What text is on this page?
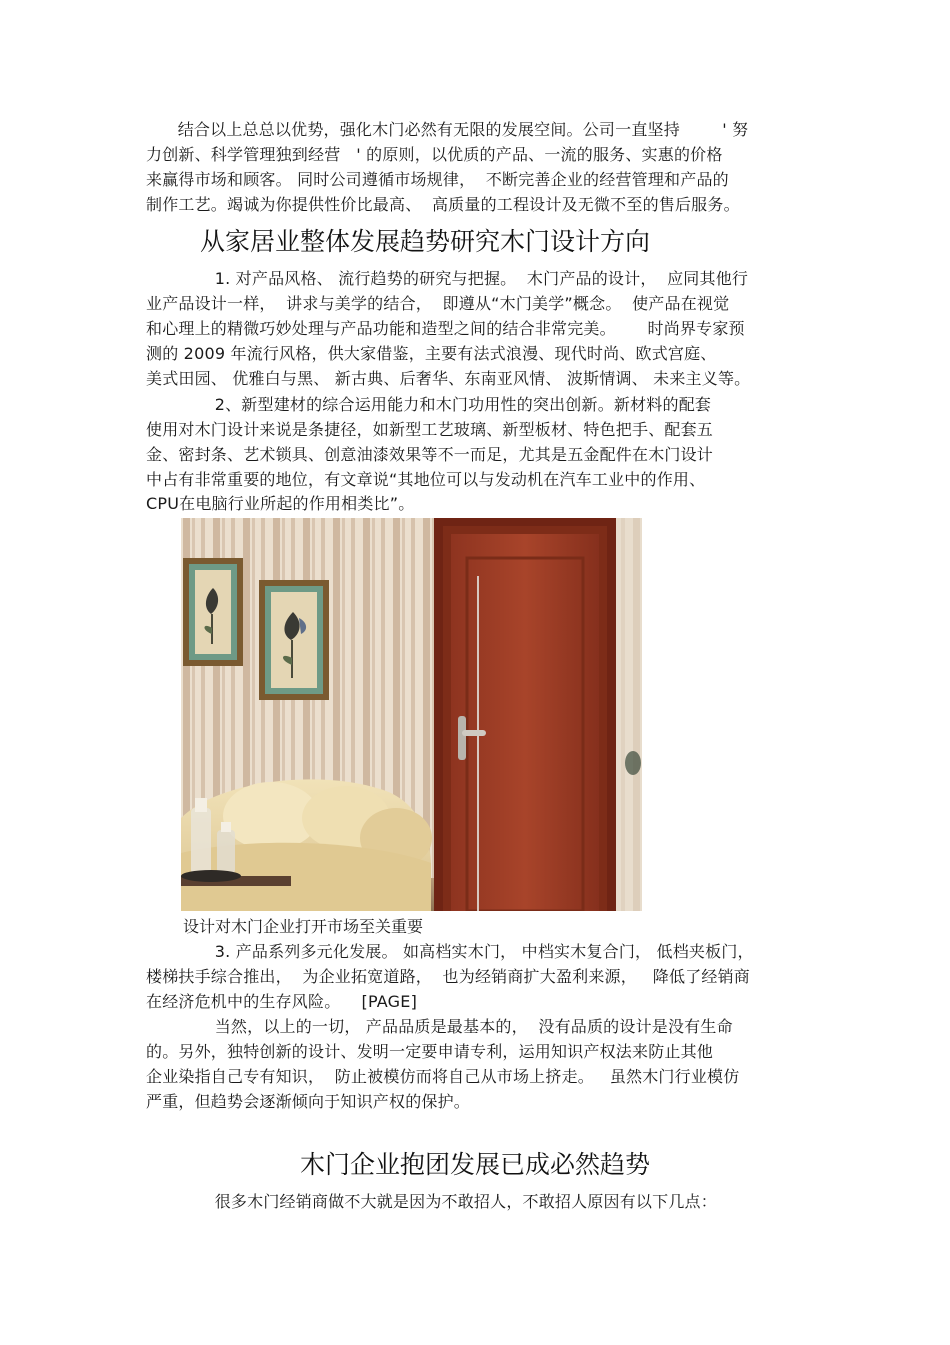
结合以上总总以优势，强化木门必然有无限的发展空间。公司一直坚持        ' 努
力创新、科学管理独到经营   ' 的原则，以优质的产品、一流的服务、实惠的价格
来赢得市场和顾客。 同时公司遵循市场规律，  不断完善企业的经营管理和产品的
制作工艺。竭诚为你提供性价比最高、  高质量的工程设计及无微不至的售后服务。
从家居业整体发展趋势研究木门设计方向
1. 对产品风格、 流行趋势的研究与把握。  木门产品的设计，  应同其他行
业产品设计一样，  讲求与美学的结合，  即遵从“木门美学”概念。  使产品在视觉
和心理上的精微巧妙处理与产品功能和造型之间的结合非常完美。      时尚界专家预
测的 2009 年流行风格，供大家借鉴，主要有法式浪漫、现代时尚、欧式宫庭、
美式田园、 优雅白与黑、 新古典、后奢华、东南亚风情、 波斯情调、 未来主义等。
2、新型建材的综合运用能力和木门功用性的突出创新。新材料的配套
使用对木门设计来说是条捷径，如新型工艺玻璃、新型板材、特色把手、配套五
金、密封条、艺术锁具、创意油漆效果等不一而足，尤其是五金配件在木门设计
中占有非常重要的地位，有文章说“其地位可以与发动机在汽车工业中的作用、
CPU在电脑行业所起的作用相类比”。
设计对木门企业打开市场至关重要
3. 产品系列多元化发展。 如高档实木门， 中档实木复合门， 低档夹板门，
楼梯扶手综合推出，  为企业拓宽道路，  也为经销商扩大盈利来源，   降低了经销商
在经济危机中的生存风险。    [PAGE]
当然，以上的一切， 产品品质是最基本的，  没有品质的设计是没有生命
的。另外，独特创新的设计、发明一定要申请专利，运用知识产权法来防止其他
企业染指自己专有知识，  防止被模仿而将自己从市场上挤走。   虽然木门行业模仿
严重，但趋势会逐渐倾向于知识产权的保护。
木门企业抱团发展已成必然趋势
很多木门经销商做不大就是因为不敢招人，不敢招人原因有以下几点：
